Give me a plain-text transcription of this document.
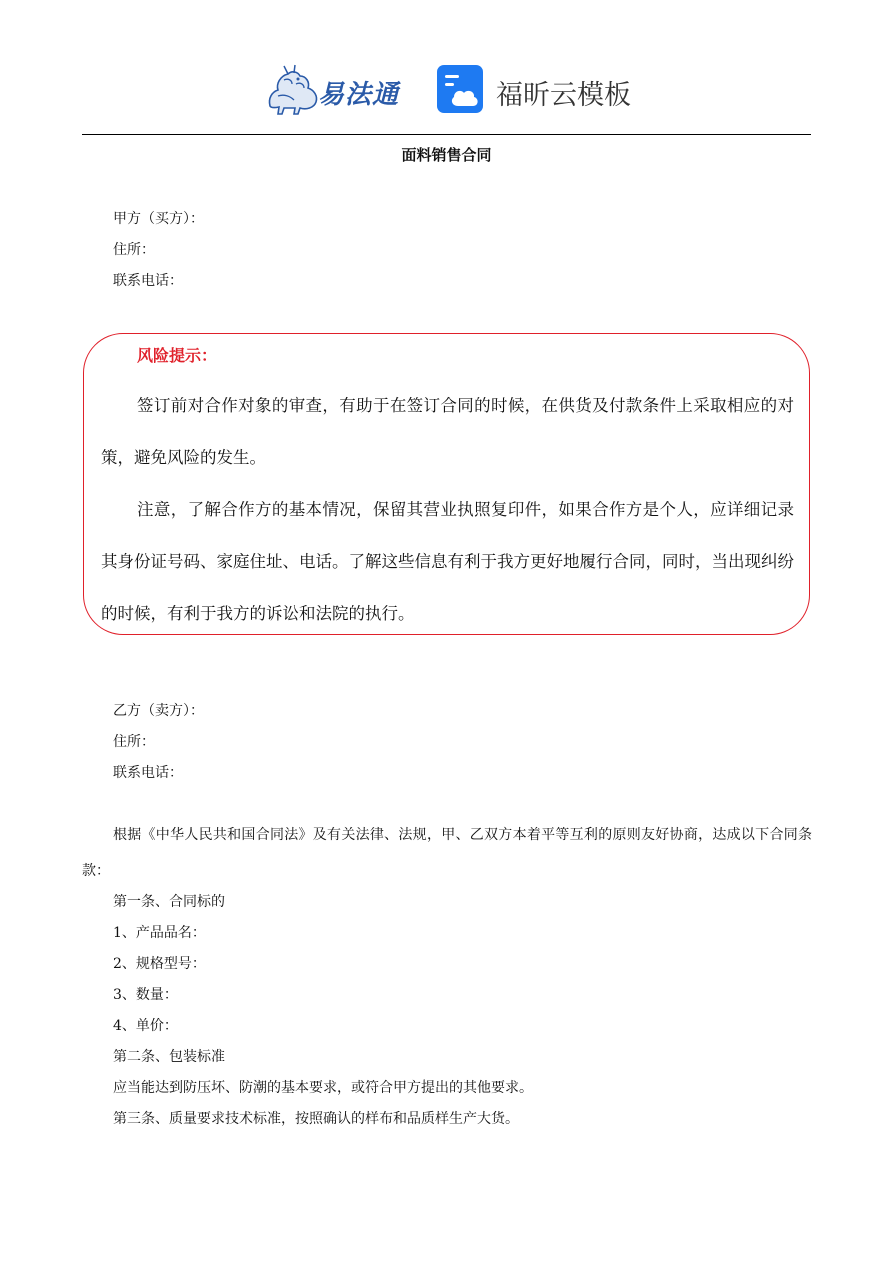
易法通	福昕云模板
面料销售合同
甲方（买方）：
住所：
联系电话：
风险提示：
签订前对合作对象的审查，有助于在签订合同的时候，在供货及付款条件上采取相应的对策，避免风险的发生。
注意，了解合作方的基本情况，保留其营业执照复印件，如果合作方是个人，应详细记录其身份证号码、家庭住址、电话。了解这些信息有利于我方更好地履行合同，同时，当出现纠纷的时候，有利于我方的诉讼和法院的执行。
乙方（卖方）：
住所：
联系电话：
根据《中华人民共和国合同法》及有关法律、法规，甲、乙双方本着平等互利的原则友好协商，达成以下合同条款：
第一条、合同标的
1、产品品名：
2、规格型号：
3、数量：
4、单价：
第二条、包装标准
应当能达到防压坏、防潮的基本要求，或符合甲方提出的其他要求。
第三条、质量要求技术标准，按照确认的样布和品质样生产大货。
